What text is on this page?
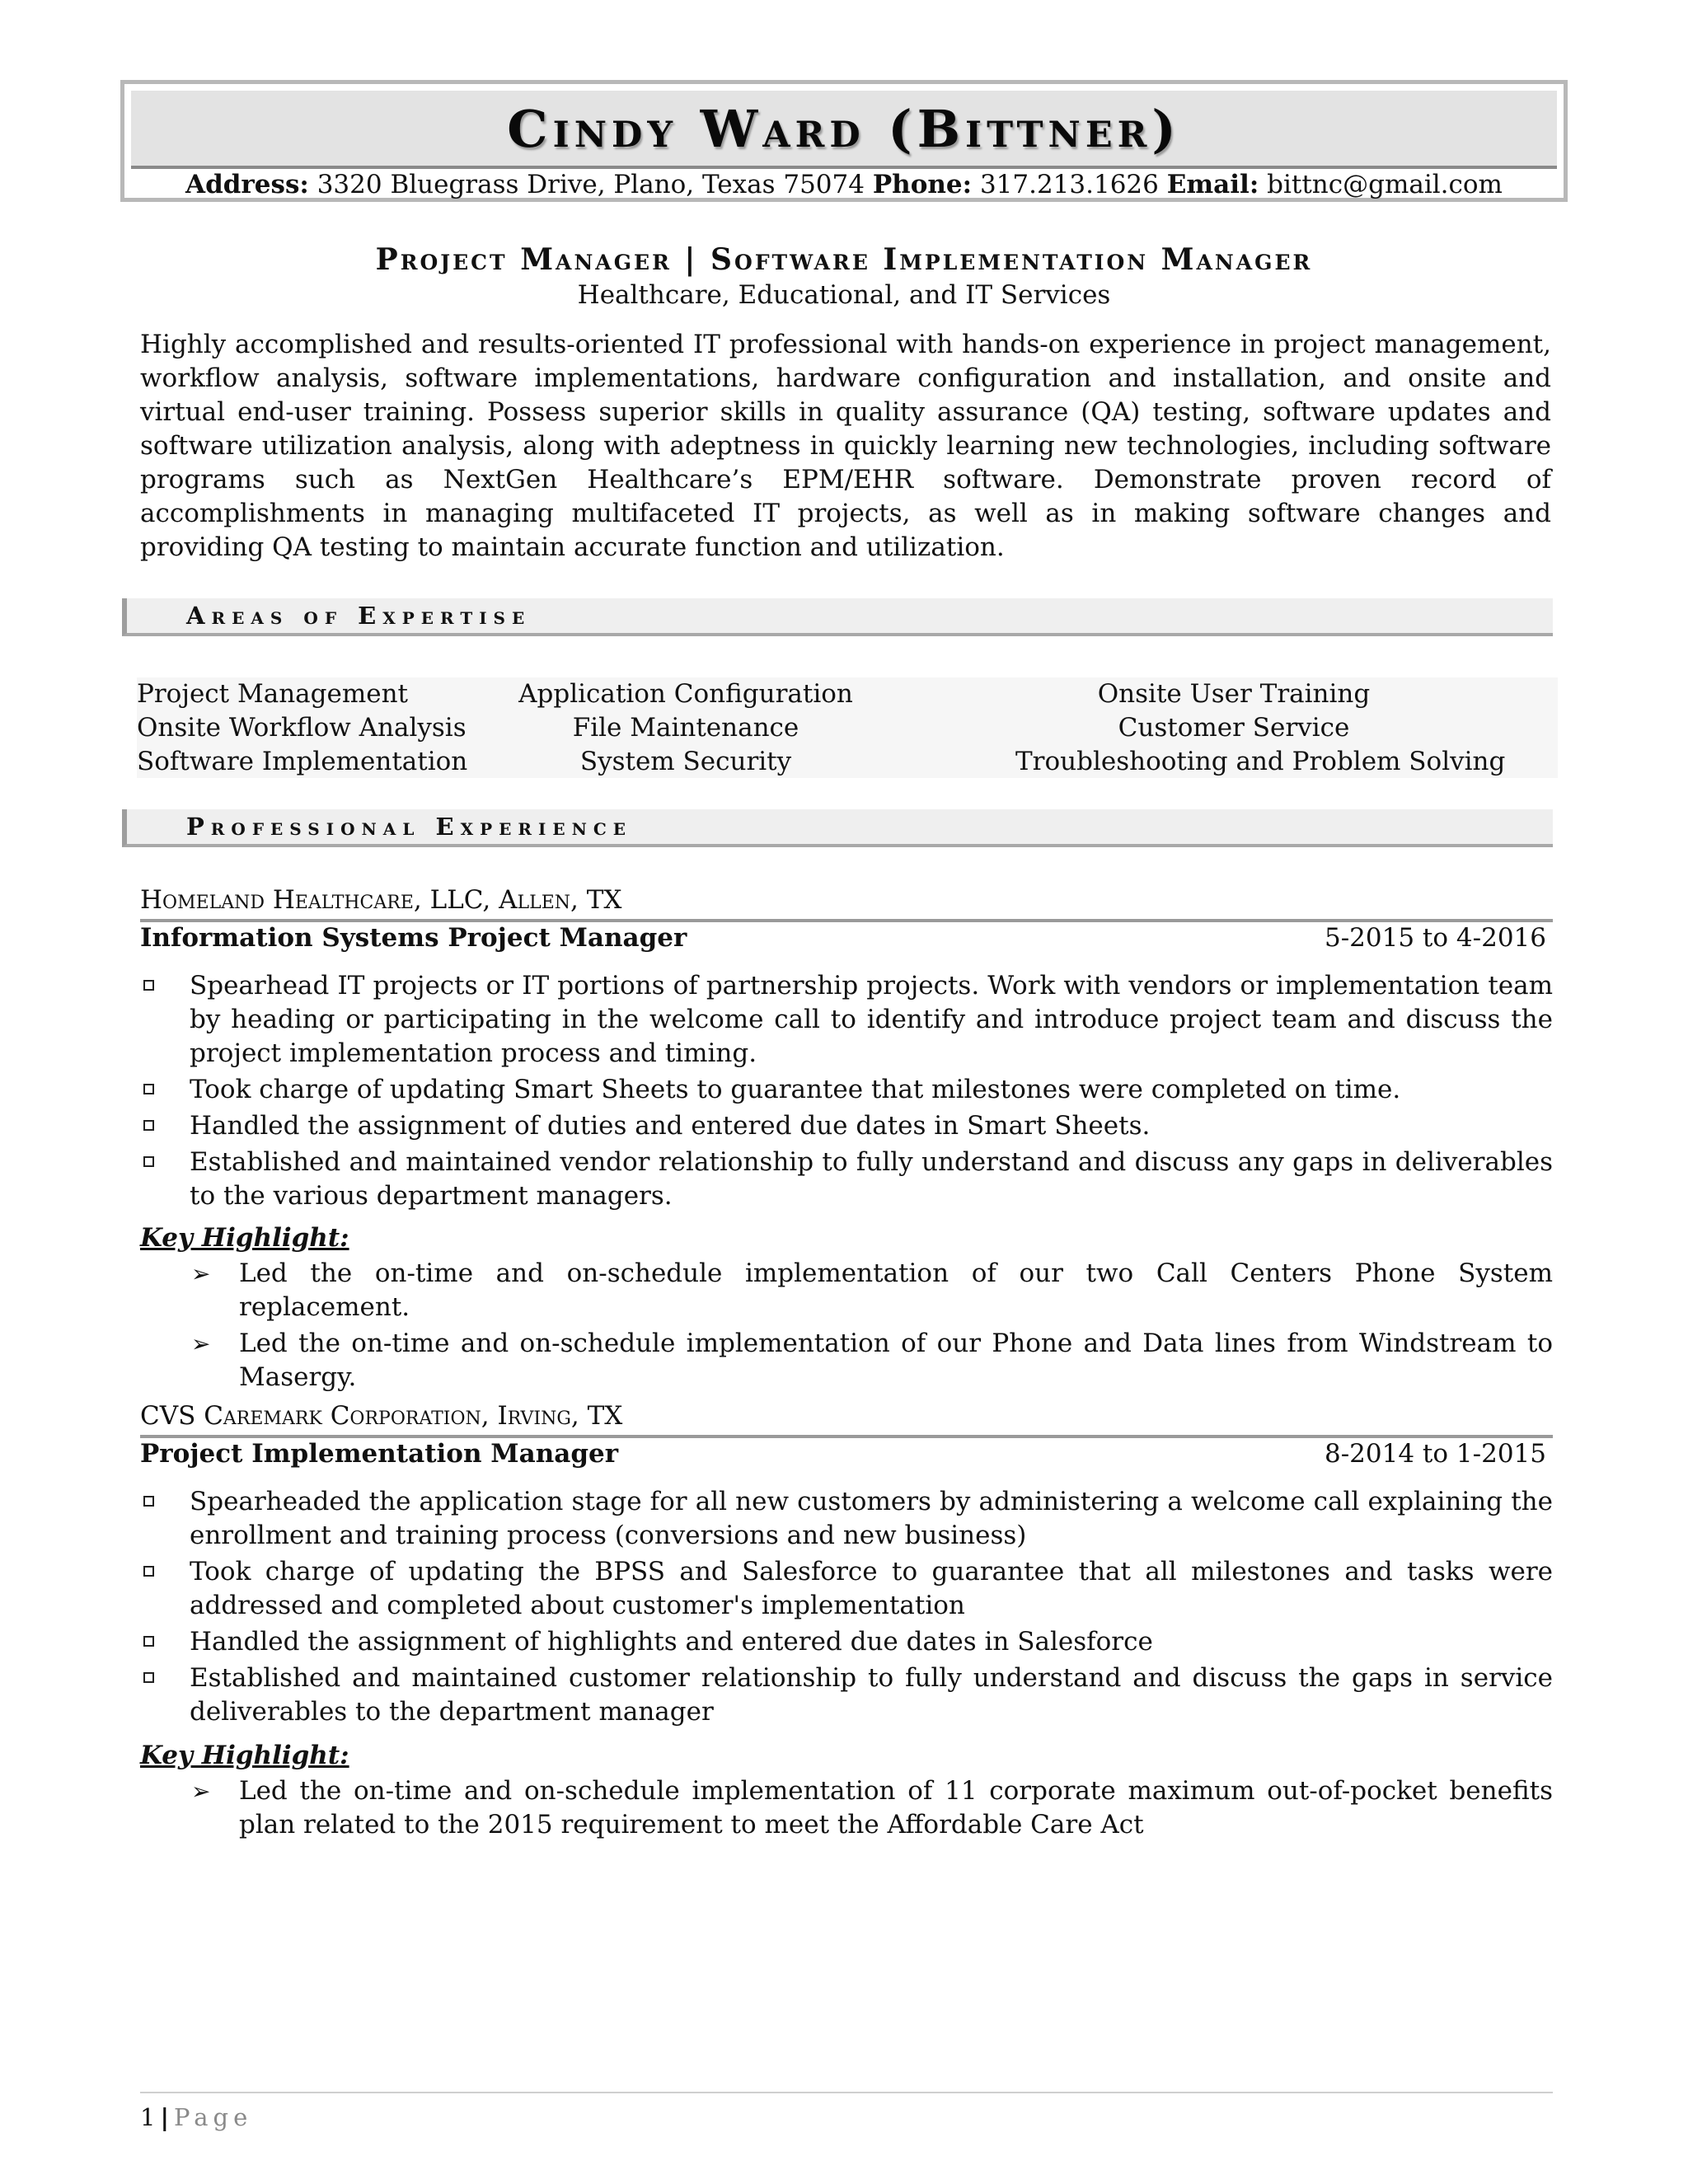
Cindy Ward (Bittner)
Address: 3320 Bluegrass Drive, Plano, Texas 75074 Phone: 317.213.1626 Email: bittnc@gmail.com
Project Manager | Software Implementation Manager
Healthcare, Educational, and IT Services
Highly accomplished and results-oriented IT professional with hands-on experience in project management, workflow analysis, software implementations, hardware configuration and installation, and onsite and virtual end-user training. Possess superior skills in quality assurance (QA) testing, software updates and software utilization analysis, along with adeptness in quickly learning new technologies, including software programs such as NextGen Healthcare’s EPM/EHR software. Demonstrate proven record of accomplishments in managing multifaceted IT projects, as well as in making software changes and providing QA testing to maintain accurate function and utilization.
Areas of Expertise
Project Management
Onsite Workflow Analysis
Software Implementation
Application Configuration
File Maintenance
System Security
Onsite User Training
Customer Service
Troubleshooting and Problem Solving
Professional Experience
Homeland Healthcare, LLC, Allen, TX
Information Systems Project Manager	5-2015 to 4-2016
Spearhead IT projects or IT portions of partnership projects. Work with vendors or implementation team by heading or participating in the welcome call to identify and introduce project team and discuss the project implementation process and timing.
Took charge of updating Smart Sheets to guarantee that milestones were completed on time.
Handled the assignment of duties and entered due dates in Smart Sheets.
Established and maintained vendor relationship to fully understand and discuss any gaps in deliverables to the various department managers.
Key Highlight:
➢ Led the on-time and on-schedule implementation of our two Call Centers Phone System replacement.
➢ Led the on-time and on-schedule implementation of our Phone and Data lines from Windstream to Masergy.
CVS Caremark Corporation, Irving, TX
Project Implementation Manager	8-2014 to 1-2015
Spearheaded the application stage for all new customers by administering a welcome call explaining the enrollment and training process (conversions and new business)
Took charge of updating the BPSS and Salesforce to guarantee that all milestones and tasks were addressed and completed about customer's implementation
Handled the assignment of highlights and entered due dates in Salesforce
Established and maintained customer relationship to fully understand and discuss the gaps in service deliverables to the department manager
Key Highlight:
➢ Led the on-time and on-schedule implementation of 11 corporate maximum out-of-pocket benefits plan related to the 2015 requirement to meet the Affordable Care Act
1 | Page
